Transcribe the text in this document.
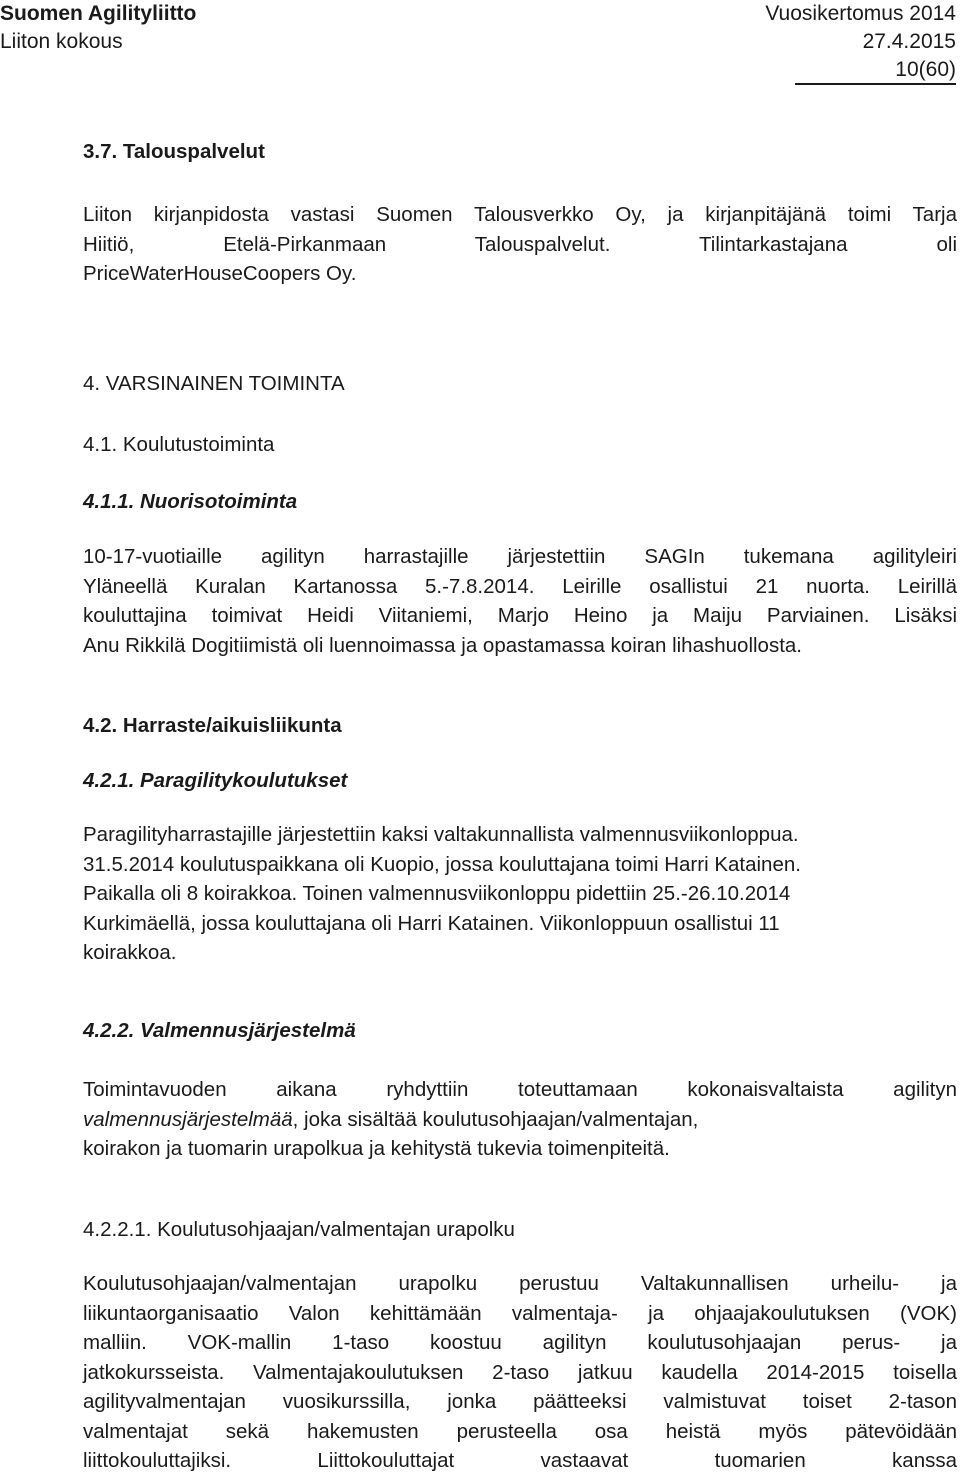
Suomen Agilityliitto	Vuosikertomus 2014
Liiton kokous	27.4.2015
10(60)
3.7. Talouspalvelut
Liiton kirjanpidosta vastasi Suomen Talousverkko Oy, ja kirjanpitäjänä toimi Tarja
Hiitiö, Etelä-Pirkanmaan Talouspalvelut. Tilintarkastajana oli
PriceWaterHouseCoopers Oy.
4. VARSINAINEN TOIMINTA
4.1. Koulutustoiminta
4.1.1. Nuorisotoiminta
10-17-vuotiaille agilityn harrastajille järjestettiin SAGIn tukemana agilityleiri
Yläneellä Kuralan Kartanossa 5.-7.8.2014. Leirille osallistui 21 nuorta. Leirillä
kouluttajina toimivat Heidi Viitaniemi, Marjo Heino ja Maiju Parviainen. Lisäksi
Anu Rikkilä Dogitiimistä oli luennoimassa ja opastamassa koiran lihashuollosta.
4.2. Harraste/aikuisliikunta
4.2.1. Paragilitykoulutukset
Paragilityharrastajille järjestettiin kaksi valtakunnallista valmennusviikonloppua.
31.5.2014 koulutuspaikkana oli Kuopio, jossa kouluttajana toimi Harri Katainen.
Paikalla oli 8 koirakkoa. Toinen valmennusviikonloppu pidettiin 25.-26.10.2014
Kurkimäellä, jossa kouluttajana oli Harri Katainen. Viikonloppuun osallistui 11
koirakkoa.
4.2.2. Valmennusjärjestelmä
Toimintavuoden aikana ryhdyttiin toteuttamaan kokonaisvaltaista agilityn
valmennusjärjestelmää, joka sisältää koulutusohjaajan/valmentajan,
koirakon ja tuomarin urapolkua ja kehitystä tukevia toimenpiteitä.
4.2.2.1. Koulutusohjaajan/valmentajan urapolku
Koulutusohjaajan/valmentajan urapolku perustuu Valtakunnallisen urheilu- ja
liikuntaorganisaatio Valon kehittämään valmentaja- ja ohjaajakoulutuksen (VOK)
malliin. VOK-mallin 1-taso koostuu agilityn koulutusohjaajan perus- ja
jatkokursseista. Valmentajakoulutuksen 2-taso jatkuu kaudella 2014-2015 toisella
agilityvalmentajan vuosikurssilla, jonka päätteeksi valmistuvat toiset 2-tason
valmentajat sekä hakemusten perusteella osa heistä myös pätevöidään
liittokouluttajiksi. Liittokouluttajat vastaavat tuomarien kanssa
